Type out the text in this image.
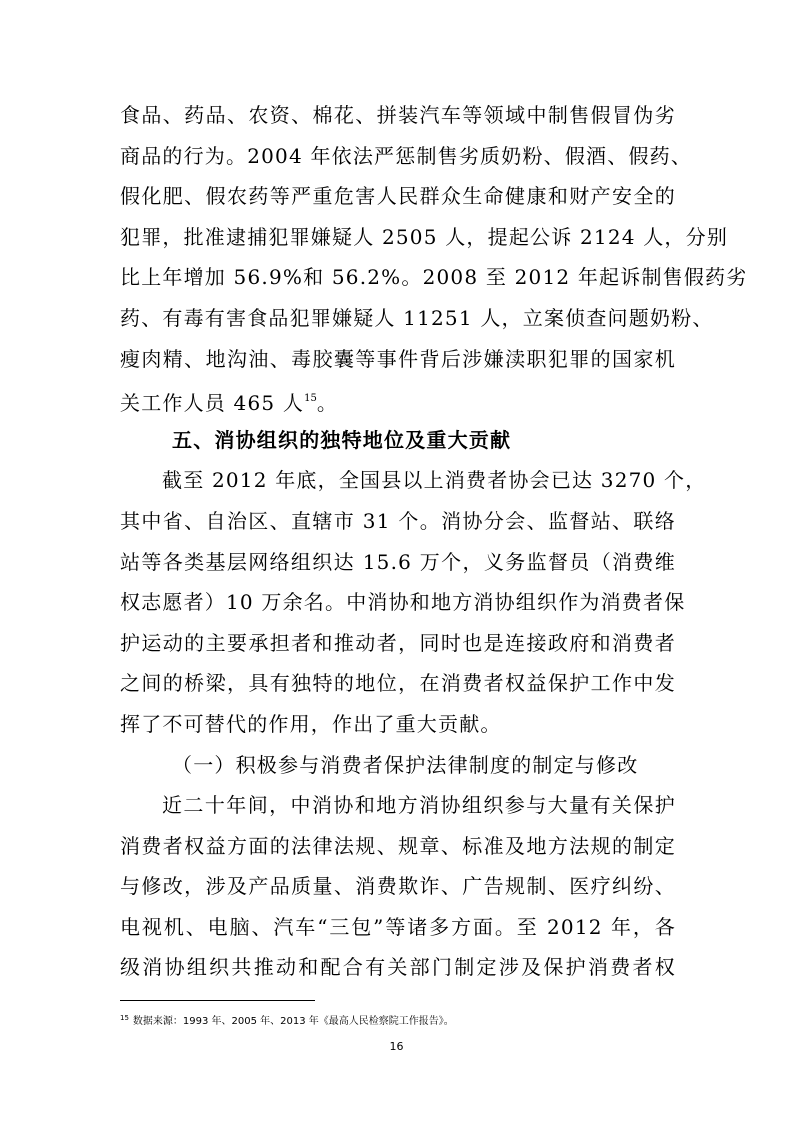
食品、药品、农资、棉花、拼装汽车等领域中制售假冒伪劣
商品的行为。2004 年依法严惩制售劣质奶粉、假酒、假药、
假化肥、假农药等严重危害人民群众生命健康和财产安全的
犯罪，批准逮捕犯罪嫌疑人 2505 人，提起公诉 2124 人，分别
比上年增加 56.9%和 56.2%。2008 至 2012 年起诉制售假药劣
药、有毒有害食品犯罪嫌疑人 11251 人，立案侦查问题奶粉、
瘦肉精、地沟油、毒胶囊等事件背后涉嫌渎职犯罪的国家机
关工作人员 465 人$^{15}$。
五、消协组织的独特地位及重大贡献
截至 2012 年底，全国县以上消费者协会已达 3270 个，
其中省、自治区、直辖市 31 个。消协分会、监督站、联络
站等各类基层网络组织达 15.6 万个，义务监督员（消费维
权志愿者）10 万余名。中消协和地方消协组织作为消费者保
护运动的主要承担者和推动者，同时也是连接政府和消费者
之间的桥梁，具有独特的地位，在消费者权益保护工作中发
挥了不可替代的作用，作出了重大贡献。
（一）积极参与消费者保护法律制度的制定与修改
近二十年间，中消协和地方消协组织参与大量有关保护
消费者权益方面的法律法规、规章、标准及地方法规的制定
与修改，涉及产品质量、消费欺诈、广告规制、医疗纠纷、
电视机、电脑、汽车“三包”等诸多方面。至 2012 年，各
级消协组织共推动和配合有关部门制定涉及保护消费者权
$^{15}$ 数据来源：1993 年、2005 年、2013 年《最高人民检察院工作报告》。
16
